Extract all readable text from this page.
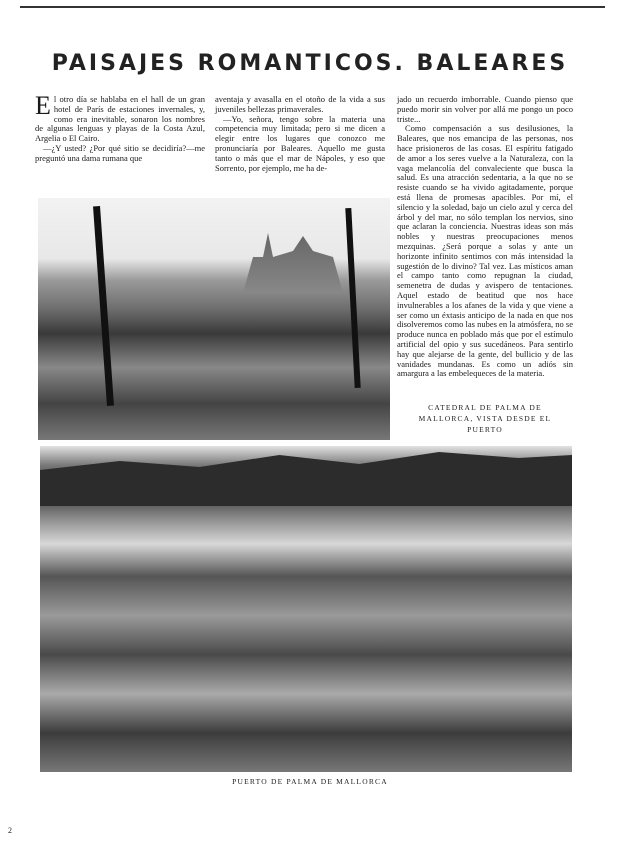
PAISAJES ROMANTICOS. BALEARES

El otro día se hablaba en el hall de un gran hotel de París de estaciones invernales, y, como era inevitable, sonaron los nombres de algunas lenguas y playas de la Costa Azul, Argelia o El Cairo.

—¿Y usted? ¿Por qué sitio se decidiría?—me preguntó una dama rumana que

aventaja y avasalla en el otoño de la vida a sus juveniles bellezas primaverales.

—Yo, señora, tengo sobre la materia una competencia muy limitada; pero si me dicen a elegir entre los lugares que conozco me pronunciaría por Baleares. Aquello me gusta tanto o más que el mar de Nápoles, y eso que Sorrento, por ejemplo, me ha de-

jado un recuerdo imborrable. Cuando pienso que puedo morir sin volver por allá me pongo un poco triste...

Como compensación a sus desilusiones, la Baleares, que nos emancipa de las personas, nos hace prisioneros de las cosas. El espíritu fatigado de amor a los seres vuelve a la Naturaleza, con la vaga melancolía del convaleciente que busca la salud. Es una atracción sedentaria, a la que no se resiste cuando se ha vivido agitadamente, porque está llena de promesas apacibles. Por mí, el silencio y la soledad, bajo un cielo azul y cerca del árbol y del mar, no sólo templan los nervios, sino que aclaran la conciencia. Nuestras ideas son más nobles y nuestras preocupaciones menos mezquinas. ¿Será porque a solas y ante un horizonte infinito sentimos con más intensidad la sugestión de lo divino? Tal vez. Las místicos aman el campo tanto como repugnan la ciudad, semenetra de dudas y avispero de tentaciones. Aquel estado de beatitud que nos hace invulnerables a los afanes de la vida y que viene a ser como un éxtasis anticipo de la nada en que nos disolveremos como las nubes en la atmósfera, no se produce nunca en poblado más que por el estímulo artificial del opio y sus sucedáneos. Para sentirlo hay que alejarse de la gente, del bullicio y de las vanidades mundanas. Es como un adiós sin amargura a las embelequeces de la materia.

CATEDRAL DE PALMA DE MALLORCA, VISTA DESDE EL PUERTO
PUERTO DE PALMA DE MALLORCA
2
